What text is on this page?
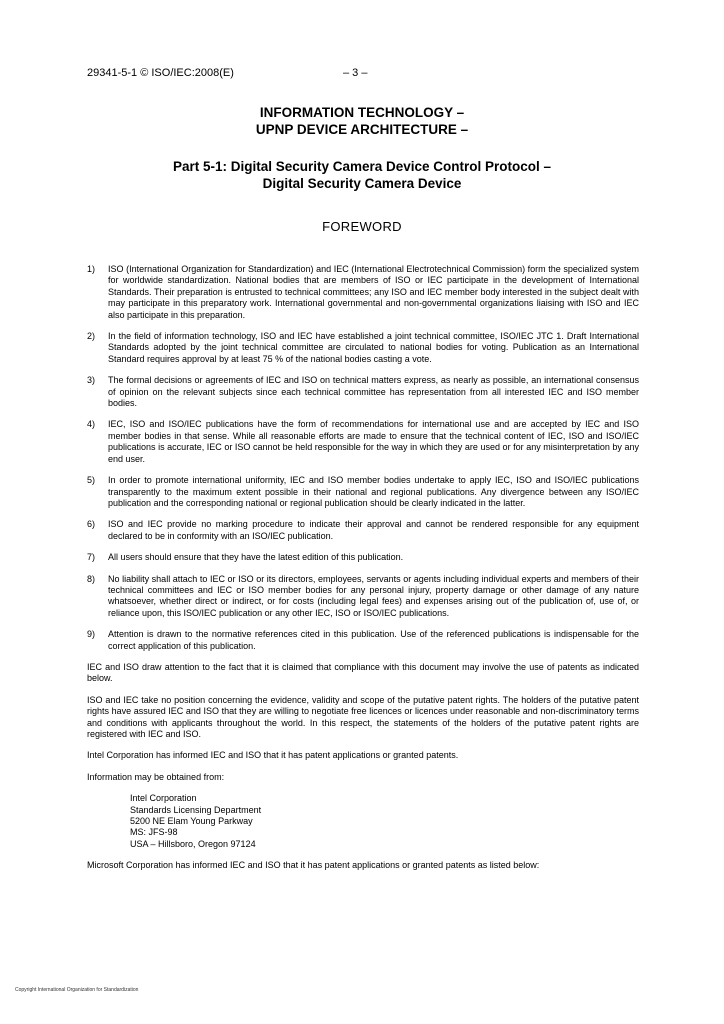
29341-5-1 © ISO/IEC:2008(E)	– 3 –
INFORMATION TECHNOLOGY –
UPNP DEVICE ARCHITECTURE –
Part 5-1: Digital Security Camera Device Control Protocol –
Digital Security Camera Device
FOREWORD
1)	ISO (International Organization for Standardization) and IEC (International Electrotechnical Commission) form the specialized system for worldwide standardization. National bodies that are members of ISO or IEC participate in the development of International Standards. Their preparation is entrusted to technical committees; any ISO and IEC member body interested in the subject dealt with may participate in this preparatory work. International governmental and non-governmental organizations liaising with ISO and IEC also participate in this preparation.
2)	In the field of information technology, ISO and IEC have established a joint technical committee, ISO/IEC JTC 1. Draft International Standards adopted by the joint technical committee are circulated to national bodies for voting. Publication as an International Standard requires approval by at least 75 % of the national bodies casting a vote.
3)	The formal decisions or agreements of IEC and ISO on technical matters express, as nearly as possible, an international consensus of opinion on the relevant subjects since each technical committee has representation from all interested IEC and ISO member bodies.
4)	IEC, ISO and ISO/IEC publications have the form of recommendations for international use and are accepted by IEC and ISO member bodies in that sense. While all reasonable efforts are made to ensure that the technical content of IEC, ISO and ISO/IEC publications is accurate, IEC or ISO cannot be held responsible for the way in which they are used or for any misinterpretation by any end user.
5)	In order to promote international uniformity, IEC and ISO member bodies undertake to apply IEC, ISO and ISO/IEC publications transparently to the maximum extent possible in their national and regional publications. Any divergence between any ISO/IEC publication and the corresponding national or regional publication should be clearly indicated in the latter.
6)	ISO and IEC provide no marking procedure to indicate their approval and cannot be rendered responsible for any equipment declared to be in conformity with an ISO/IEC publication.
7)	All users should ensure that they have the latest edition of this publication.
8)	No liability shall attach to IEC or ISO or its directors, employees, servants or agents including individual experts and members of their technical committees and IEC or ISO member bodies for any personal injury, property damage or other damage of any nature whatsoever, whether direct or indirect, or for costs (including legal fees) and expenses arising out of the publication of, use of, or reliance upon, this ISO/IEC publication or any other IEC, ISO or ISO/IEC publications.
9)	Attention is drawn to the normative references cited in this publication. Use of the referenced publications is indispensable for the correct application of this publication.
IEC and ISO draw attention to the fact that it is claimed that compliance with this document may involve the use of patents as indicated below.
ISO and IEC take no position concerning the evidence, validity and scope of the putative patent rights. The holders of the putative patent rights have assured IEC and ISO that they are willing to negotiate free licences or licences under reasonable and non-discriminatory terms and conditions with applicants throughout the world. In this respect, the statements of the holders of the putative patent rights are registered with IEC and ISO.
Intel Corporation has informed IEC and ISO that it has patent applications or granted patents.
Information may be obtained from:
Intel Corporation
Standards Licensing Department
5200 NE Elam Young Parkway
MS: JFS-98
USA – Hillsboro, Oregon 97124
Microsoft Corporation has informed IEC and ISO that it has patent applications or granted patents as listed below:
Copyright International Organization for Standardization
